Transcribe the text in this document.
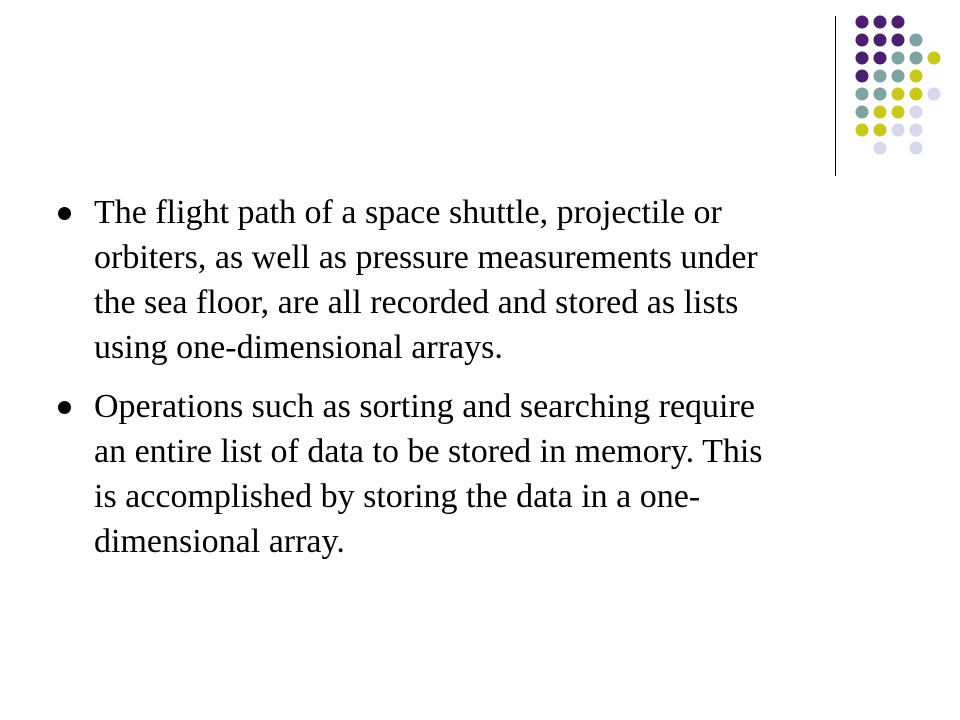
The flight path of a space shuttle, projectile or
orbiters, as well as pressure measurements under
the sea floor, are all recorded and stored as lists
using one-dimensional arrays.
Operations such as sorting and searching require
an entire list of data to be stored in memory. This
is accomplished by storing the data in a one-
dimensional array.
